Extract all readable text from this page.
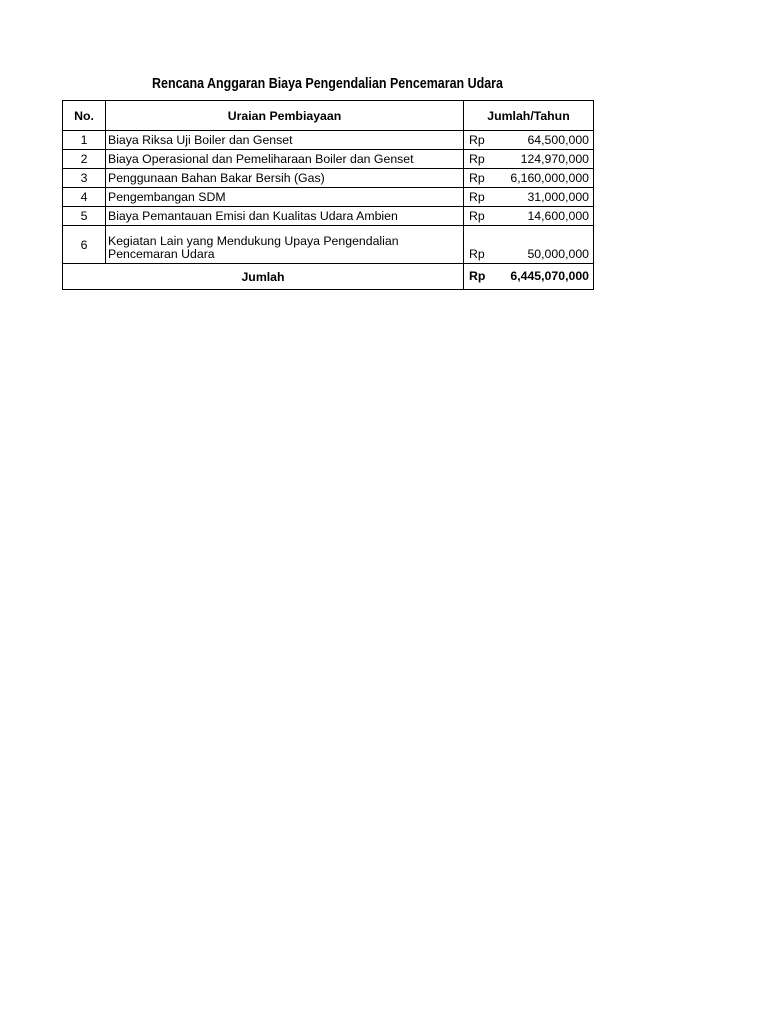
Rencana Anggaran Biaya Pengendalian Pencemaran Udara
No.	Uraian Pembiayaan	Jumlah/Tahun
1	Biaya Riksa Uji Boiler dan Genset	Rp 64,500,000

2	Biaya Operasional dan Pemeliharaan Boiler dan Genset	Rp 124,970,000

3	Penggunaan Bahan Bakar Bersih (Gas)	Rp 6,160,000,000

4	Pengembangan SDM	Rp 31,000,000

5	Biaya Pemantauan Emisi dan Kualitas Udara Ambien	Rp 14,600,000

6	Kegiatan Lain yang Mendukung Upaya Pengendalian Pencemaran Udara	Rp 50,000,000

Jumlah		Rp 6,445,070,000
